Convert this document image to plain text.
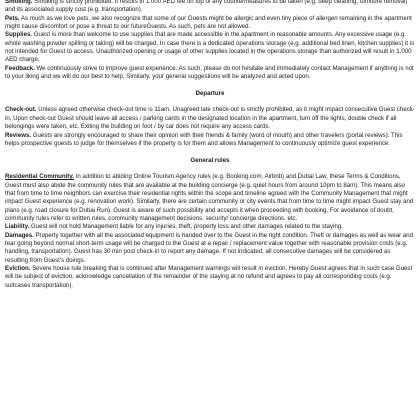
Smoking. Smoking is strictly prohibited. It results in 1,000 AED fee on top of any countermeasures to be taken (e.g. deep cleaning, furniture removal) and its associated supply cost (e.g. transportation).

Pets. As much as we love pets, we also recognize that some of our Guests might be allergic and even tiny piece of allergen remaining in the apartment might cause discomfort or pose a threat to our futureGuests. As such, pets are not allowed.

Supplies. Guest is more than welcome to use supplies that are made accessible in the apartment in reasonable amounts. Any excessive usage (e.g. whole washing powder spilling or taking) will be charged. In case there is a dedicated operations storage (e.g. additional bed linen, kitchen supplies) it is not intended for Guest to access. Unauthorized opening or usage of other supplies located in the operations storage than authorized will result in 1,000 AED charge.

Feedback. We continuously strive to improve guest experience. As such, please do not hesitate and immediately contact Management if anything is not to your liking and we will do our best to help. Similarly, your general suggestions will be analyzed and acted upon.

Departure

Check-out. Unless agreed otherwise check-out time is 11am. Unagreed late check-out is strictly prohibited, as it might impact consecutive Guest check-in. Upon check-out Guest should leave all access / parking cards in the designated location in the apartment, turn off the lights, double check if all belongings were taken, etc. Exiting the building on foot / by car does not require any access cards.

Reviews. Guests are strongly encouraged to share their opinion with their friends & family (word of mouth) and other travelers (portal reviews). This helps prospective guests to judge for themselves if the property is for them and allows Management to continuously optimize guest experience.

General rules

Residential Community. In addition to abiding Online Tourism Agency rules (e.g. Booking.com, Airbnb) and Dubai Law, these Terms & Conditions, Guest must also abide the community rules that are available at the building concierge (e.g. quiet hours from around 10pm to 8am). This means also that from time to time neighbors can exercise their residential rights within the scope and timeline agreed with the Community Management that might impact Guest experience (e.g. renovation work). Similarly, there are certain community or city events that from time to time might impact Guest stay and plans (e.g. road closure for Dubai Run). Guest is aware of such possibility and accepts it when proceeding with booking. For avoidance of doubt, community rules refer to written rules, community management decisions, security/ concierge directions, etc.

Liability. Guest will not hold Management liable for any injuries, theft, property loss and other damages related to the staying.

Damages. Property together with all the associated equipment is handed over to the Guest in the right condition. Theft or damages as well as wear and tear going beyond normal short-term usage will be charged to the Guest at a repair / replacement value together with reasonable provision costs (e.g. handling, transportation). Guest has 30 min post check-in to report any damage. If not indicated, all consecutive damages will be considered as resulting from Guest's doings.

Eviction. Severe house rule breaking that is continued after Management warnings will result in eviction. Hereby Guest agrees that in such case Guest will be subject of eviction, acknowledge cancellation of the remainder of the staying at no refund and agrees to pay all corresponding costs (e.g. suitcases transportation).
